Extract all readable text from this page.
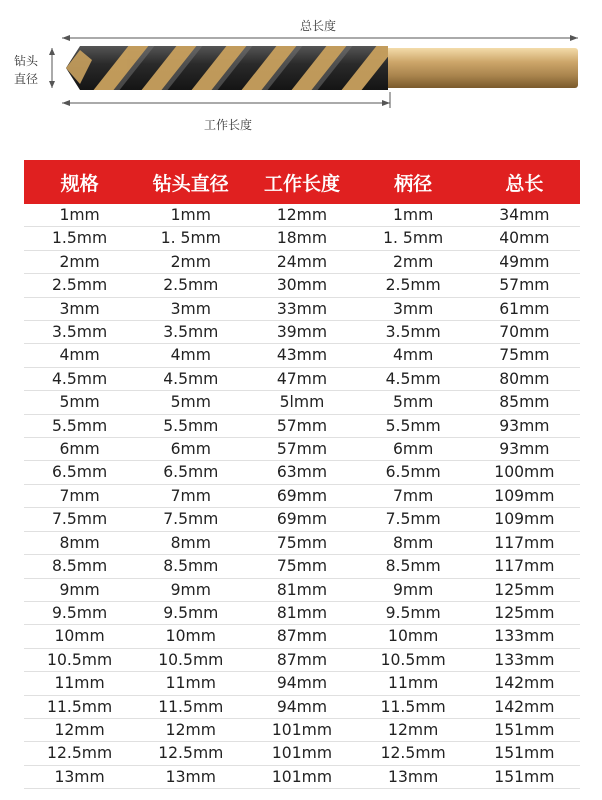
总长度
钻头
直径
工作长度
规格	钻头直径	工作长度	柄径	总长
1mm	1mm	12mm	1mm	34mm
1.5mm	1. 5mm	18mm	1. 5mm	40mm
2mm	2mm	24mm	2mm	49mm
2.5mm	2.5mm	30mm	2.5mm	57mm
3mm	3mm	33mm	3mm	61mm
3.5mm	3.5mm	39mm	3.5mm	70mm
4mm	4mm	43mm	4mm	75mm
4.5mm	4.5mm	47mm	4.5mm	80mm
5mm	5mm	5lmm	5mm	85mm
5.5mm	5.5mm	57mm	5.5mm	93mm
6mm	6mm	57mm	6mm	93mm
6.5mm	6.5mm	63mm	6.5mm	100mm
7mm	7mm	69mm	7mm	109mm
7.5mm	7.5mm	69mm	7.5mm	109mm
8mm	8mm	75mm	8mm	117mm
8.5mm	8.5mm	75mm	8.5mm	117mm
9mm	9mm	81mm	9mm	125mm
9.5mm	9.5mm	81mm	9.5mm	125mm
10mm	10mm	87mm	10mm	133mm
10.5mm	10.5mm	87mm	10.5mm	133mm
11mm	11mm	94mm	11mm	142mm
11.5mm	11.5mm	94mm	11.5mm	142mm
12mm	12mm	101mm	12mm	151mm
12.5mm	12.5mm	101mm	12.5mm	151mm
13mm	13mm	101mm	13mm	151mm
